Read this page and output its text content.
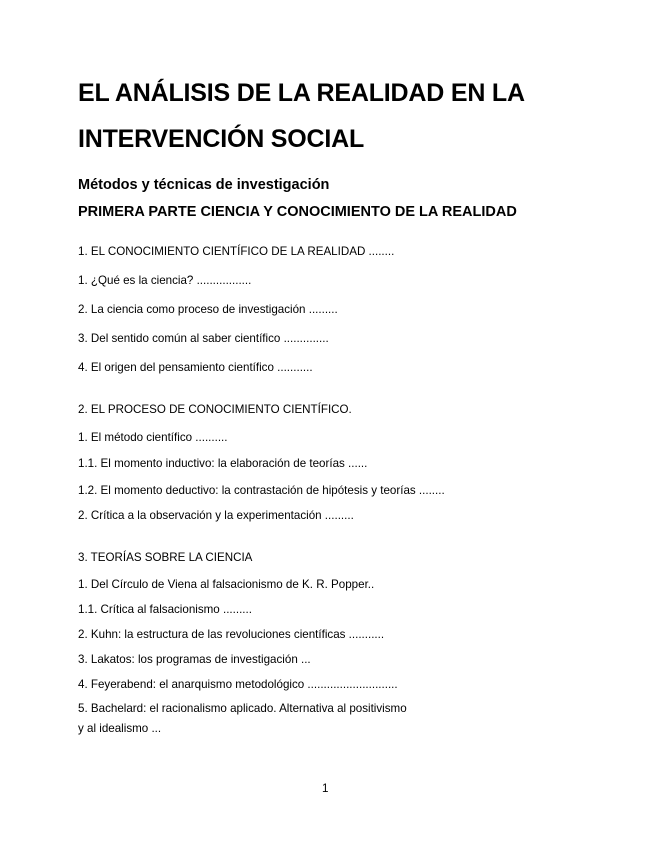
EL ANÁLISIS DE LA REALIDAD EN LA
INTERVENCIÓN SOCIAL
Métodos y técnicas de investigación
PRIMERA PARTE CIENCIA Y CONOCIMIENTO DE LA REALIDAD
1. EL CONOCIMIENTO CIENTÍFICO DE LA REALIDAD ........
1. ¿Qué es la ciencia? .................
2. La ciencia como proceso de investigación .........
3. Del sentido común al saber científico ..............
4. El origen del pensamiento científico ...........
2. EL PROCESO DE CONOCIMIENTO CIENTÍFICO.
1. El método científico ..........
1.1. El momento inductivo: la elaboración de teorías ......
1.2. El momento deductivo: la contrastación de hipótesis y teorías ........
2. Crítica a la observación y la experimentación .........
3. TEORÍAS SOBRE LA CIENCIA
1. Del Círculo de Viena al falsacionismo de K. R. Popper..
1.1. Crítica al falsacionismo .........
2. Kuhn: la estructura de las revoluciones científicas ...........
3. Lakatos: los programas de investigación ...
4. Feyerabend: el anarquismo metodológico ............................
5. Bachelard: el racionalismo aplicado. Alternativa al positivismo
y al idealismo ...
1
